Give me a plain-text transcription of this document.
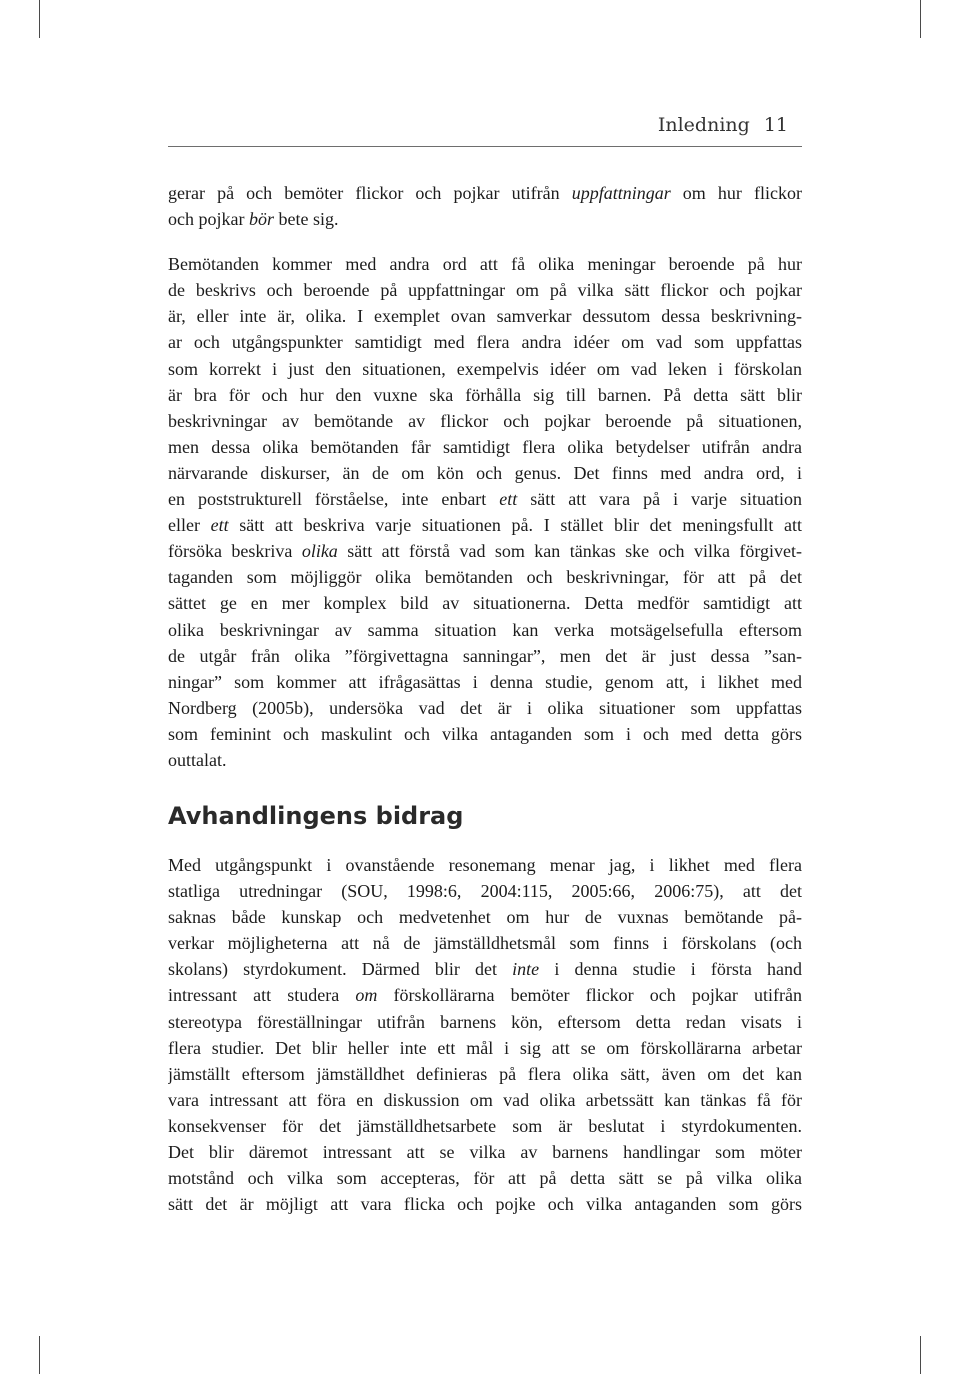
Inledning 11
gerar på och bemöter flickor och pojkar utifrån uppfattningar om hur flickor
och pojkar bör bete sig.
Bemötanden kommer med andra ord att få olika meningar beroende på hur
de beskrivs och beroende på uppfattningar om på vilka sätt flickor och pojkar
är, eller inte är, olika. I exemplet ovan samverkar dessutom dessa beskrivning-
ar och utgångspunkter samtidigt med flera andra idéer om vad som uppfattas
som korrekt i just den situationen, exempelvis idéer om vad leken i förskolan
är bra för och hur den vuxne ska förhålla sig till barnen. På detta sätt blir
beskrivningar av bemötande av flickor och pojkar beroende på situationen,
men dessa olika bemötanden får samtidigt flera olika betydelser utifrån andra
närvarande diskurser, än de om kön och genus. Det finns med andra ord, i
en poststrukturell förståelse, inte enbart ett sätt att vara på i varje situation
eller ett sätt att beskriva varje situationen på. I stället blir det meningsfullt att
försöka beskriva olika sätt att förstå vad som kan tänkas ske och vilka förgivet-
taganden som möjliggör olika bemötanden och beskrivningar, för att på det
sättet ge en mer komplex bild av situationerna. Detta medför samtidigt att
olika beskrivningar av samma situation kan verka motsägelsefulla eftersom
de utgår från olika ”förgivettagna sanningar”, men det är just dessa ”san-
ningar” som kommer att ifrågasättas i denna studie, genom att, i likhet med
Nordberg (2005b), undersöka vad det är i olika situationer som uppfattas
som feminint och maskulint och vilka antaganden som i och med detta görs
outtalat.
Avhandlingens bidrag
Med utgångspunkt i ovanstående resonemang menar jag, i likhet med flera
statliga utredningar (SOU, 1998:6, 2004:115, 2005:66, 2006:75), att det
saknas både kunskap och medvetenhet om hur de vuxnas bemötande på-
verkar möjligheterna att nå de jämställdhetsmål som finns i förskolans (och
skolans) styrdokument. Därmed blir det inte i denna studie i första hand
intressant att studera om förskollärarna bemöter flickor och pojkar utifrån
stereotypa föreställningar utifrån barnens kön, eftersom detta redan visats i
flera studier. Det blir heller inte ett mål i sig att se om förskollärarna arbetar
jämställt eftersom jämställdhet definieras på flera olika sätt, även om det kan
vara intressant att föra en diskussion om vad olika arbetssätt kan tänkas få för
konsekvenser för det jämställdhetsarbete som är beslutat i styrdokumenten.
Det blir däremot intressant att se vilka av barnens handlingar som möter
motstånd och vilka som accepteras, för att på detta sätt se på vilka olika
sätt det är möjligt att vara flicka och pojke och vilka antaganden som görs
